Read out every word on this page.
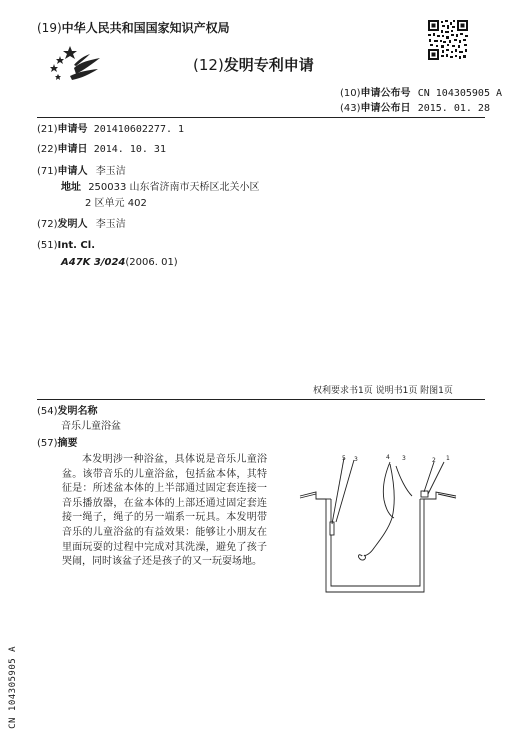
(19)中华人民共和国国家知识产权局
(12)发明专利申请
(10)申请公布号 CN 104305905 A
(43)申请公布日 2015. 01. 28
(21)申请号 201410602277. 1
(22)申请日 2014. 10. 31
(71)申请人 李玉洁
地址 250033 山东省济南市天桥区北关小区
2 区单元 402
(72)发明人 李玉洁
(51)Int. Cl.
A47K 3/024(2006. 01)
权利要求书1页 说明书1页 附图1页
(54)发明名称
音乐儿童浴盆
(57)摘要
本发明涉一种浴盆，具体说是音乐儿童浴盆。该带音乐的儿童浴盆，包括盆本体，其特征是：所述盆本体的上半部通过固定套连接一音乐播放器，在盆本体的上部还通过固定套连接一绳子，绳子的另一端系一玩具。本发明带音乐的儿童浴盆的有益效果：能够让小朋友在里面玩耍的过程中完成对其洗澡，避免了孩子哭闹，同时该盆子还是孩子的又一玩耍场地。
5 3	4 3	2 1
CN 104305905 A
